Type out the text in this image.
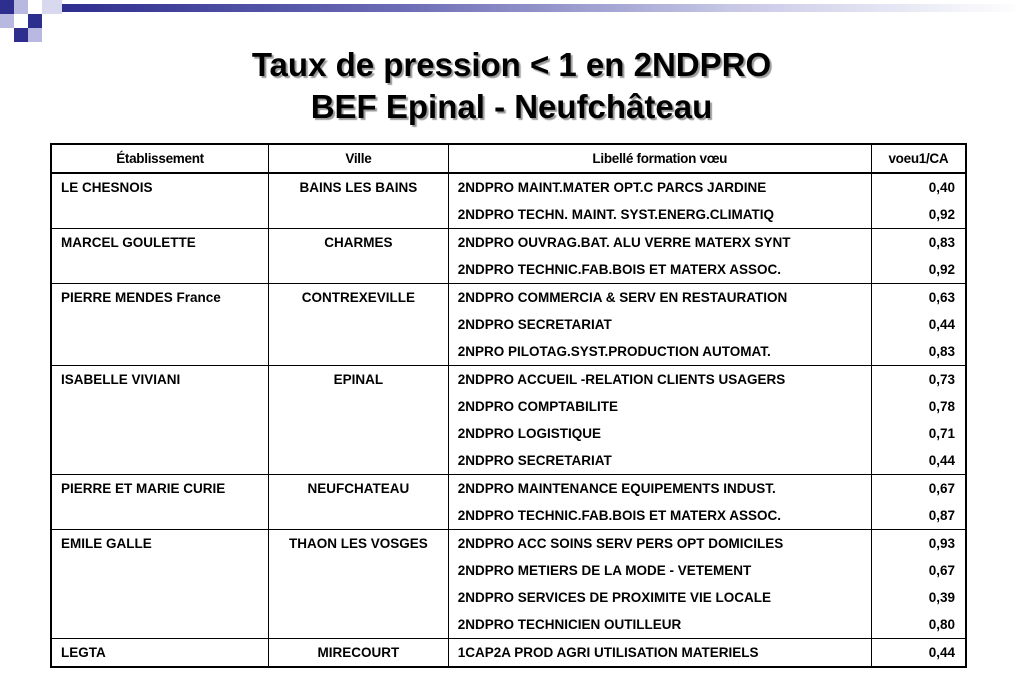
Taux de pression < 1 en 2NDPRO
BEF Epinal - Neufchâteau
Établissement	Ville	Libellé formation vœu	voeu1/CA
LE CHESNOIS	BAINS LES BAINS	2NDPRO MAINT.MATER OPT.C PARCS JARDINE	0,40
		2NDPRO TECHN. MAINT. SYST.ENERG.CLIMATIQ	0,92
MARCEL GOULETTE	CHARMES	2NDPRO OUVRAG.BAT. ALU VERRE MATERX SYNT	0,83
		2NDPRO TECHNIC.FAB.BOIS ET MATERX ASSOC.	0,92
PIERRE MENDES France	CONTREXEVILLE	2NDPRO COMMERCIA & SERV EN RESTAURATION	0,63
		2NDPRO SECRETARIAT	0,44
		2NPRO PILOTAG.SYST.PRODUCTION AUTOMAT.	0,83
ISABELLE VIVIANI	EPINAL	2NDPRO ACCUEIL -RELATION CLIENTS USAGERS	0,73
		2NDPRO COMPTABILITE	0,78
		2NDPRO LOGISTIQUE	0,71
		2NDPRO SECRETARIAT	0,44
PIERRE ET MARIE CURIE	NEUFCHATEAU	2NDPRO MAINTENANCE EQUIPEMENTS INDUST.	0,67
		2NDPRO TECHNIC.FAB.BOIS ET MATERX ASSOC.	0,87
EMILE GALLE	THAON LES VOSGES	2NDPRO ACC SOINS SERV PERS OPT DOMICILES	0,93
		2NDPRO METIERS DE LA MODE - VETEMENT	0,67
		2NDPRO SERVICES DE PROXIMITE VIE LOCALE	0,39
		2NDPRO TECHNICIEN OUTILLEUR	0,80
LEGTA	MIRECOURT	1CAP2A PROD AGRI UTILISATION MATERIELS	0,44
